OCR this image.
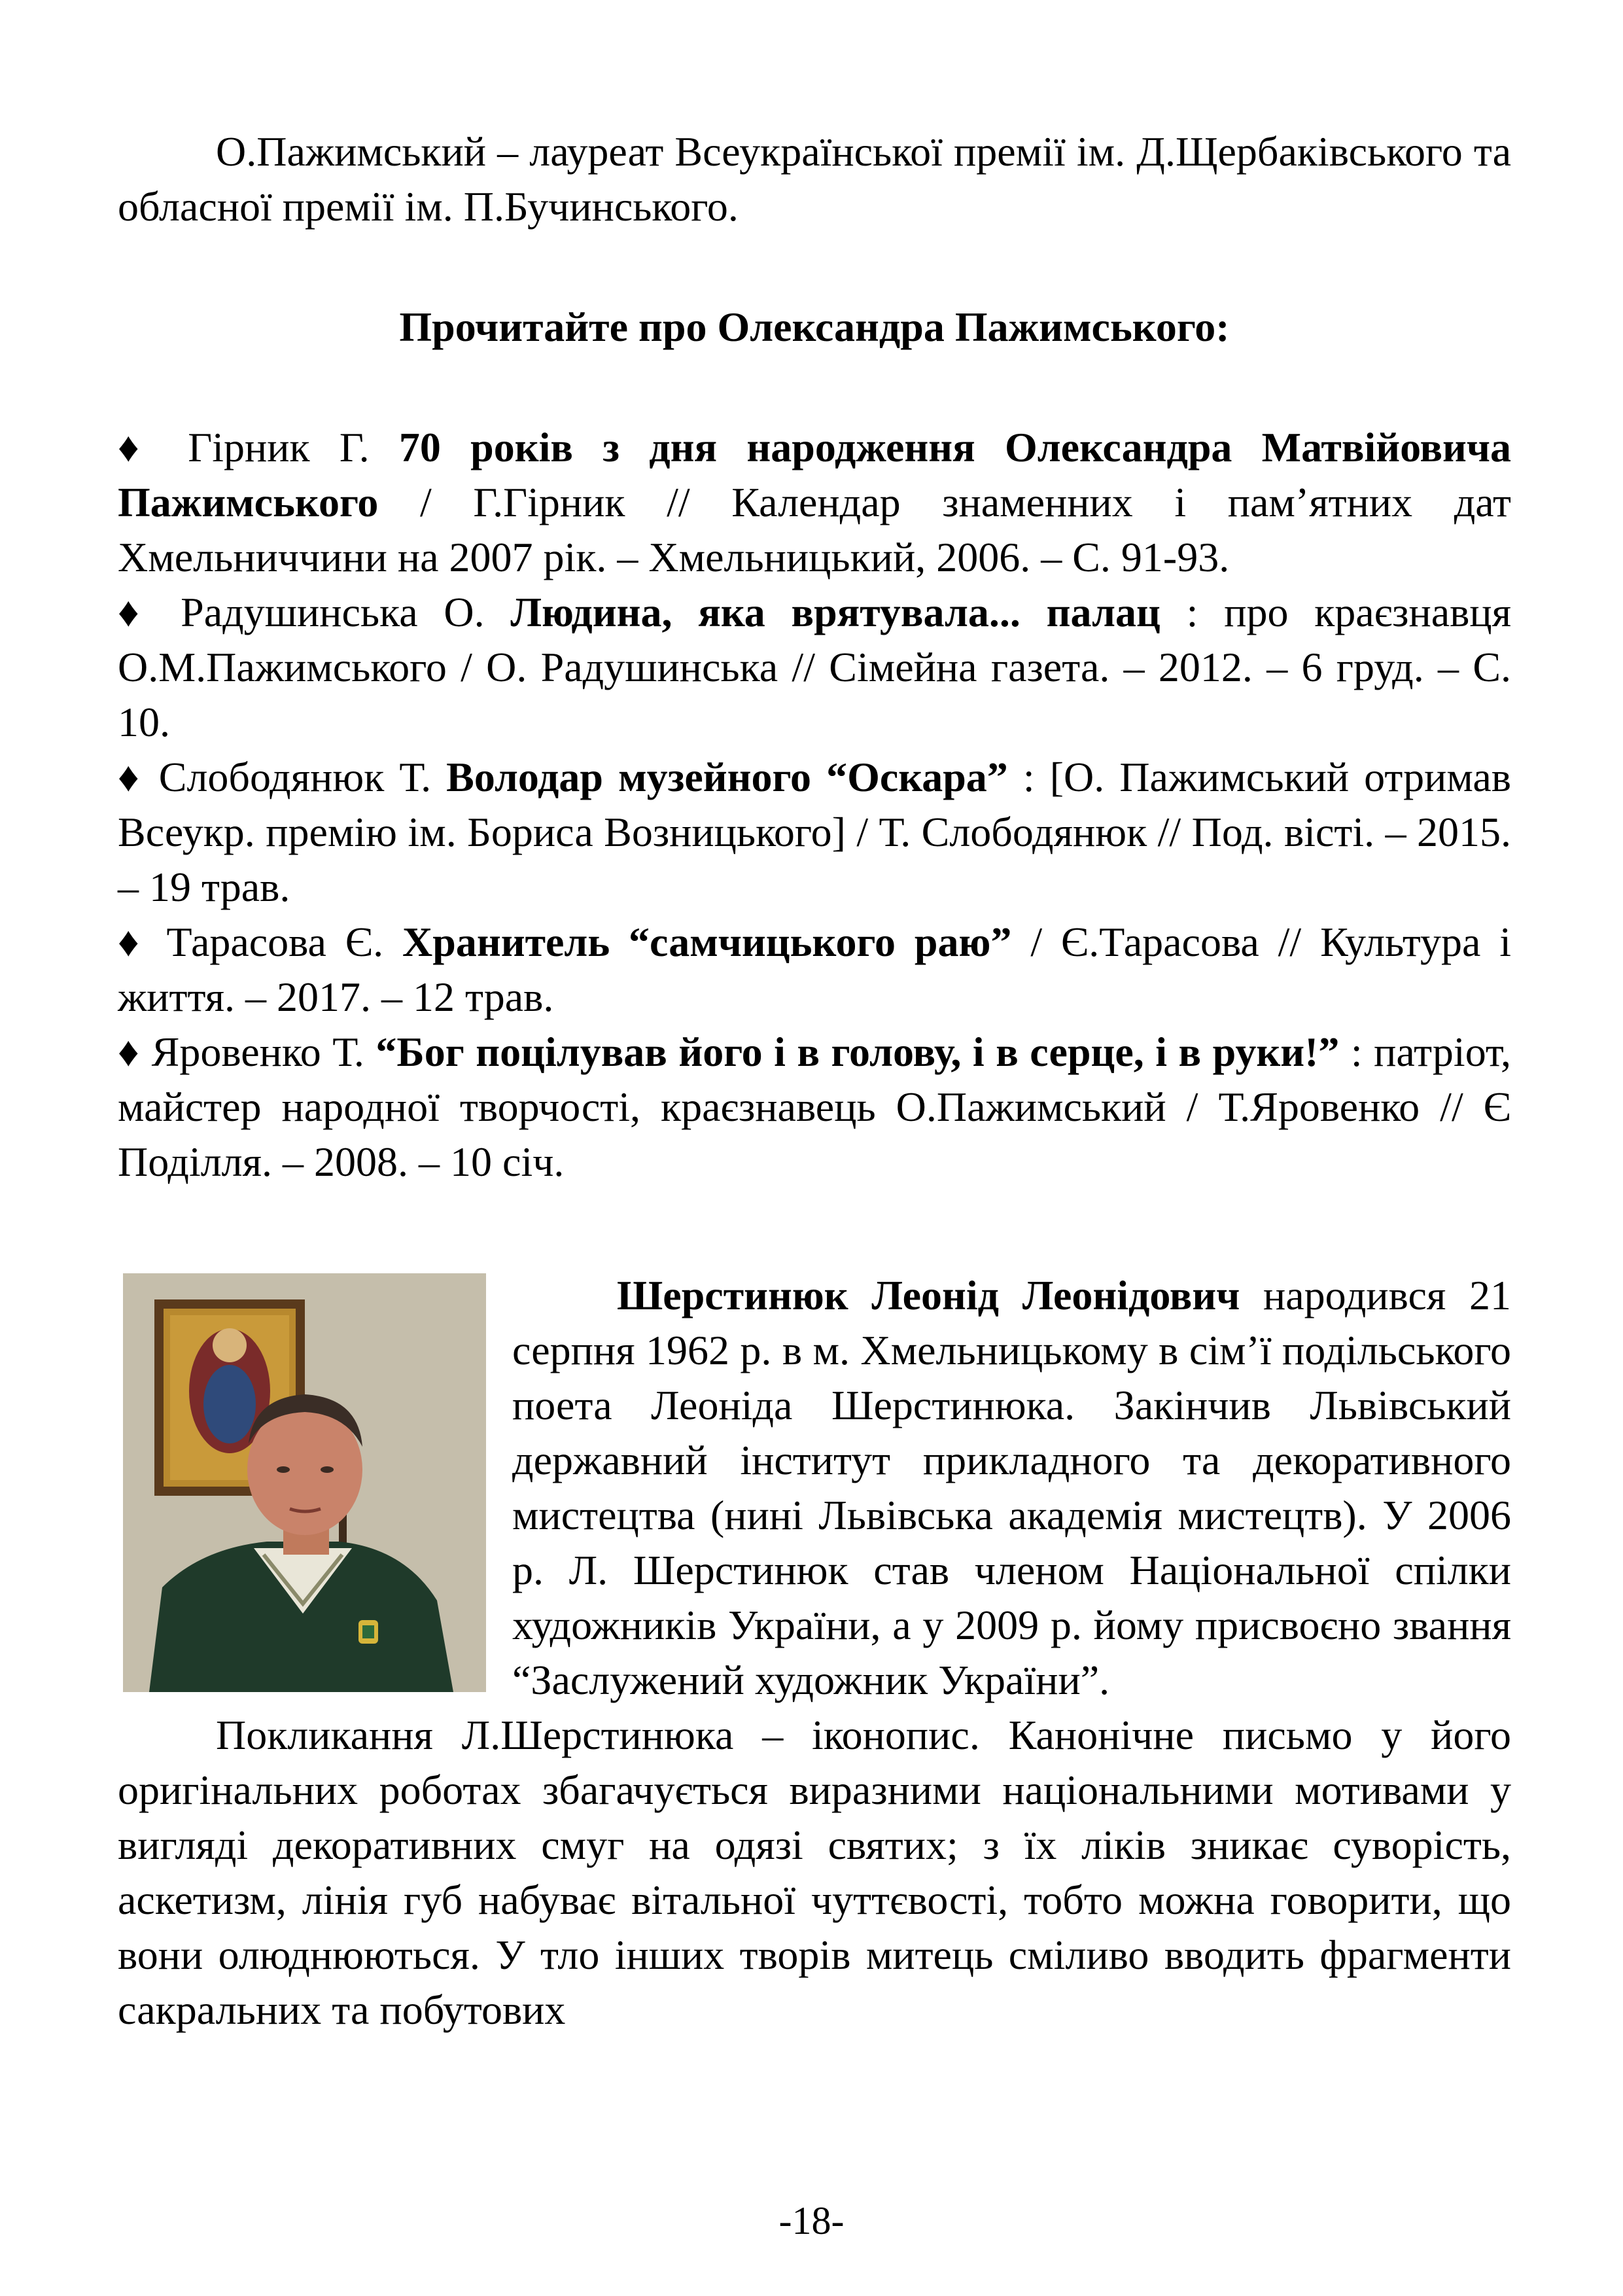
О.Пажимський – лауреат Всеукраїнської премії ім. Д.Щербаківського та обласної премії ім. П.Бучинського.

Прочитайте про Олександра Пажимського:

♦ Гірник Г. 70 років з дня народження Олександра Матвійовича Пажимського / Г.Гірник // Календар знаменних і пам’ятних дат Хмельниччини на 2007 рік. – Хмельницький, 2006. – С. 91-93.

♦ Радушинська О. Людина, яка врятувала... палац : про краєзнавця О.М.Пажимського / О. Радушинська // Сімейна газета. – 2012. – 6 груд. – С. 10.

♦ Слободянюк Т. Володар музейного “Оскара” : [О. Пажимський отримав Всеукр. премію ім. Бориса Возницького] / Т. Слободянюк // Под. вісті. – 2015. – 19 трав.

♦ Тарасова Є. Хранитель “самчицького раю” / Є.Тарасова // Культура і життя. – 2017. – 12 трав.

♦ Яровенко Т. “Бог поцілував його і в голову, і в серце, і в руки!” : патріот, майстер народної творчості, краєзнавець О.Пажимський / Т.Яровенко // Є Поділля. – 2008. – 10 січ.

Шерстинюк Леонід Леонідович народився 21 серпня 1962 р. в м. Хмельницькому в сім’ї подільського поета Леоніда Шерстинюка. Закінчив Львівський державний інститут прикладного та декоративного мистецтва (нині Львівська академія мистецтв). У 2006 р. Л. Шерстинюк став членом Національної спілки художників України, а у 2009 р. йому присвоєно звання “Заслужений художник України”.

Покликання Л.Шерстинюка – іконопис. Канонічне письмо у його оригінальних роботах збагачується виразними національними мотивами у вигляді декоративних смуг на одязі святих; з їх ліків зникає суворість, аскетизм, лінія губ набуває вітальної чуттєвості, тобто можна говорити, що вони олюднюються. У тло інших творів митець сміливо вводить фрагменти сакральних та побутових

-18-
